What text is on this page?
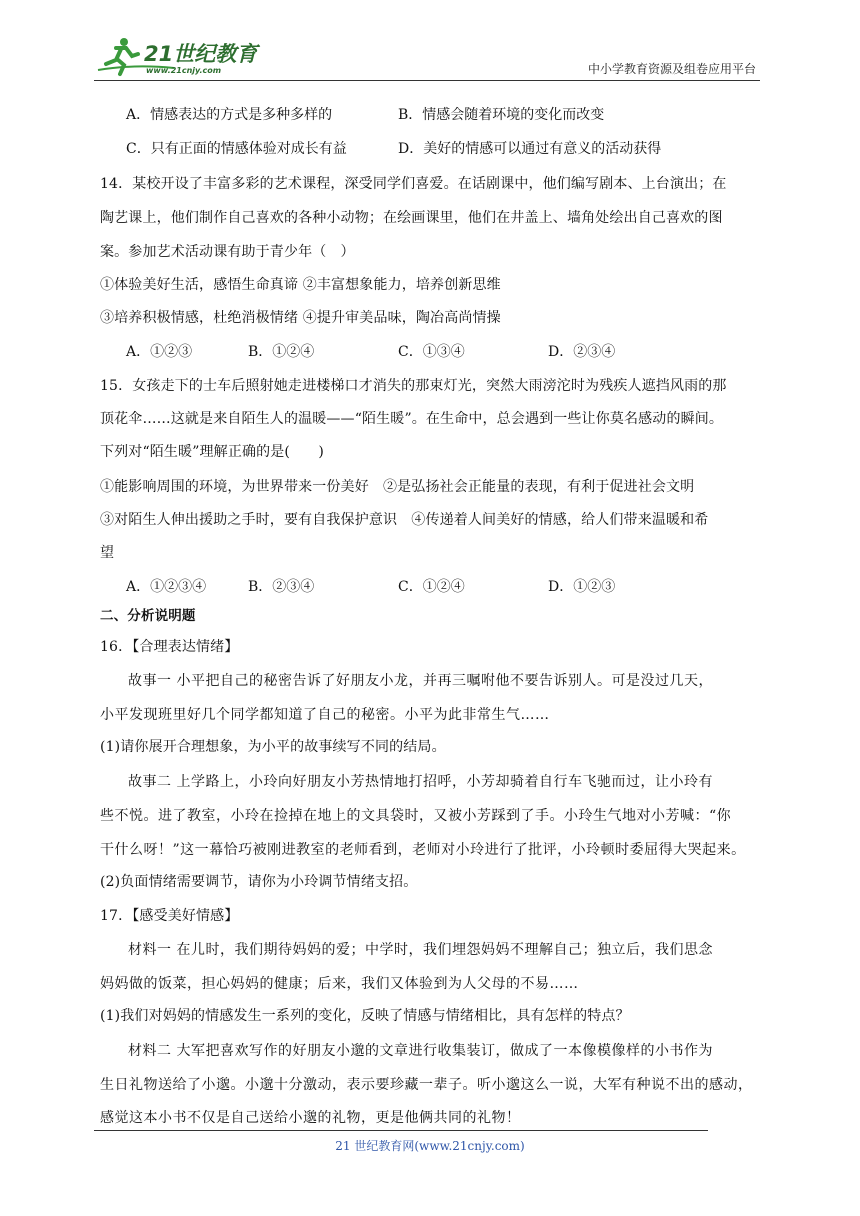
21世纪教育
www.21cnjy.com	中小学教育资源及组卷应用平台
A．情感表达的方式是多种多样的	B．情感会随着环境的变化而改变
C．只有正面的情感体验对成长有益	D．美好的情感可以通过有意义的活动获得
14．某校开设了丰富多彩的艺术课程，深受同学们喜爱。在话剧课中，他们编写剧本、上台演出；在
陶艺课上，他们制作自己喜欢的各种小动物；在绘画课里，他们在井盖上、墙角处绘出自己喜欢的图
案。参加艺术活动课有助于青少年（　）
①体验美好生活，感悟生命真谛 ②丰富想象能力，培养创新思维
③培养积极情感，杜绝消极情绪 ④提升审美品味，陶冶高尚情操
A．①②③	B．①②④	C．①③④	D．②③④
15．女孩走下的士车后照射她走进楼梯口才消失的那束灯光，突然大雨滂沱时为残疾人遮挡风雨的那
顶花伞……这就是来自陌生人的温暖——“陌生暖”。在生命中，总会遇到一些让你莫名感动的瞬间。
下列对“陌生暖”理解正确的是(　　)
①能影响周围的环境，为世界带来一份美好　②是弘扬社会正能量的表现，有利于促进社会文明
③对陌生人伸出援助之手时，要有自我保护意识　④传递着人间美好的情感，给人们带来温暖和希
望
A．①②③④	B．②③④	C．①②④	D．①②③
二、分析说明题
16．【合理表达情绪】
故事一 小平把自己的秘密告诉了好朋友小龙，并再三嘱咐他不要告诉别人。可是没过几天，
小平发现班里好几个同学都知道了自己的秘密。小平为此非常生气……
(1)请你展开合理想象，为小平的故事续写不同的结局。
故事二 上学路上，小玲向好朋友小芳热情地打招呼，小芳却骑着自行车飞驰而过，让小玲有
些不悦。进了教室，小玲在捡掉在地上的文具袋时，又被小芳踩到了手。小玲生气地对小芳喊：“你
干什么呀！”这一幕恰巧被刚进教室的老师看到，老师对小玲进行了批评，小玲顿时委屈得大哭起来。
(2)负面情绪需要调节，请你为小玲调节情绪支招。
17．【感受美好情感】
材料一 在儿时，我们期待妈妈的爱；中学时，我们埋怨妈妈不理解自己；独立后，我们思念
妈妈做的饭菜，担心妈妈的健康；后来，我们又体验到为人父母的不易……
(1)我们对妈妈的情感发生一系列的变化，反映了情感与情绪相比，具有怎样的特点？
材料二 大军把喜欢写作的好朋友小邈的文章进行收集装订，做成了一本像模像样的小书作为
生日礼物送给了小邈。小邈十分激动，表示要珍藏一辈子。听小邈这么一说，大军有种说不出的感动，
感觉这本小书不仅是自己送给小邈的礼物，更是他俩共同的礼物！
21 世纪教育网(www.21cnjy.com)
